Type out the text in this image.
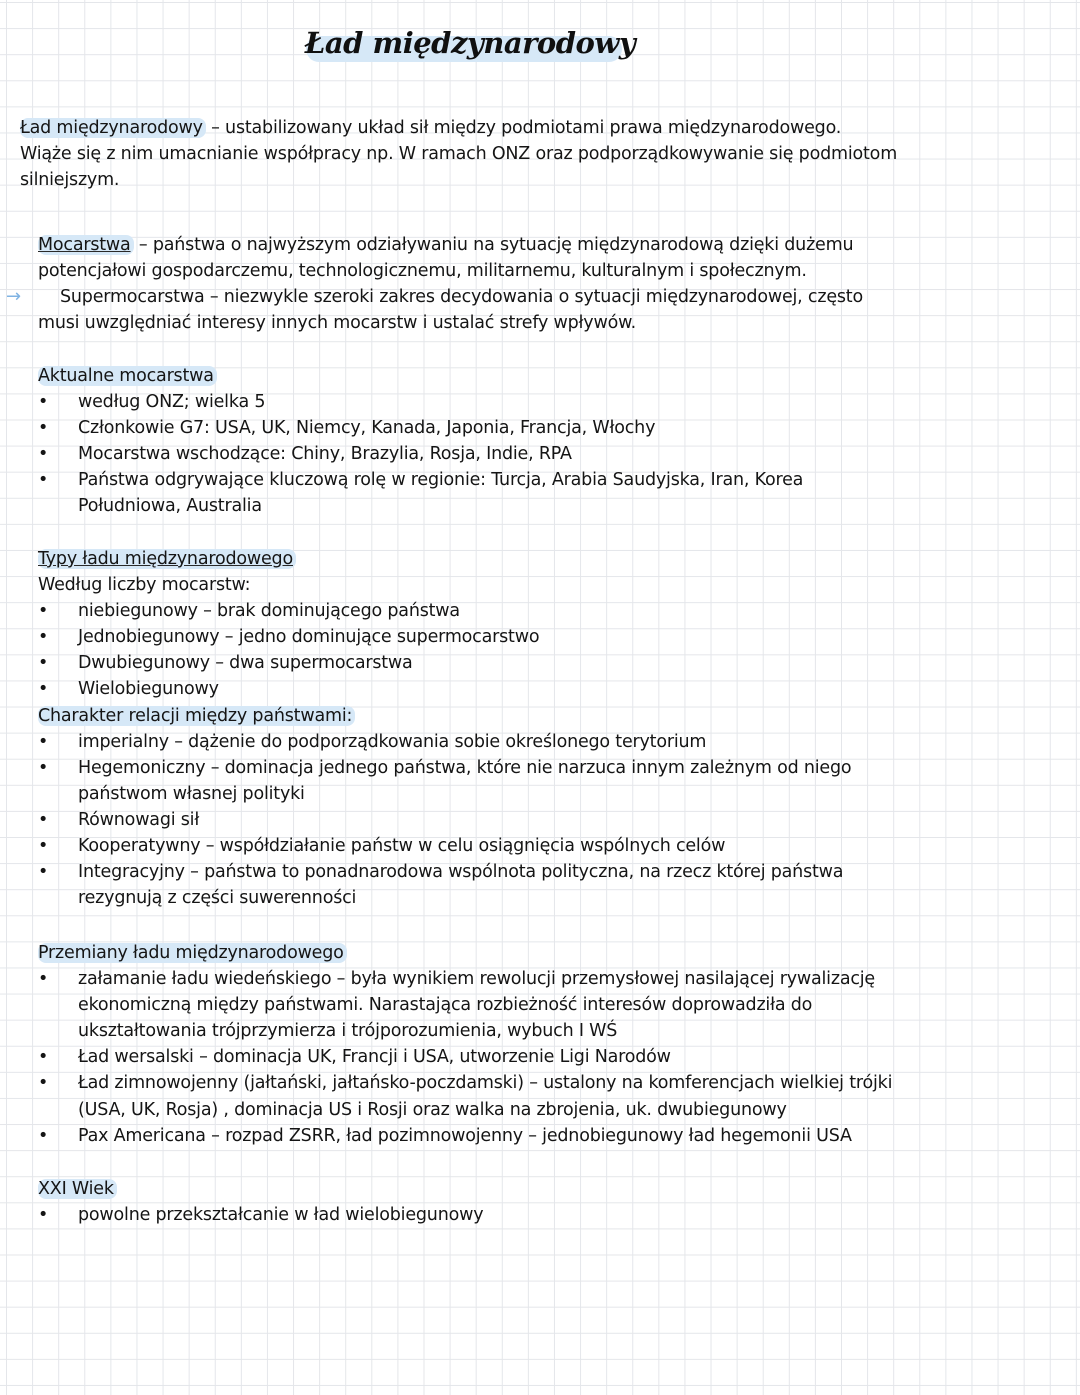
Ład międzynarodowy
Ład międzynarodowy – ustabilizowany układ sił między podmiotami prawa międzynarodowego.
Wiąże się z nim umacnianie współpracy np. W ramach ONZ oraz podporządkowywanie się podmiotom
silniejszym.
Mocarstwa – państwa o najwyższym odziaływaniu na sytuację międzynarodową dzięki dużemu
potencjałowi gospodarczemu, technologicznemu, militarnemu, kulturalnym i społecznym.
→ Supermocarstwa – niezwykle szeroki zakres decydowania o sytuacji międzynarodowej, często
musi uwzględniać interesy innych mocarstw i ustalać strefy wpływów.
Aktualne mocarstwa
• według ONZ; wielka 5
• Członkowie G7: USA, UK, Niemcy, Kanada, Japonia, Francja, Włochy
• Mocarstwa wschodzące: Chiny, Brazylia, Rosja, Indie, RPA
• Państwa odgrywające kluczową rolę w regionie: Turcja, Arabia Saudyjska, Iran, Korea
Południowa, Australia
Typy ładu międzynarodowego
Według liczby mocarstw:
• niebiegunowy – brak dominującego państwa
• Jednobiegunowy – jedno dominujące supermocarstwo
• Dwubiegunowy – dwa supermocarstwa
• Wielobiegunowy
Charakter relacji między państwami:
• imperialny – dążenie do podporządkowania sobie określonego terytorium
• Hegemoniczny – dominacja jednego państwa, które nie narzuca innym zależnym od niego
państwom własnej polityki
• Równowagi sił
• Kooperatywny – współdziałanie państw w celu osiągnięcia wspólnych celów
• Integracyjny – państwa to ponadnarodowa wspólnota polityczna, na rzecz której państwa
rezygnują z części suwerenności
Przemiany ładu międzynarodowego
• załamanie ładu wiedeńskiego – była wynikiem rewolucji przemysłowej nasilającej rywalizację
ekonomiczną między państwami. Narastająca rozbieżność interesów doprowadziła do
ukształtowania trójprzymierza i trójporozumienia, wybuch I WŚ
• Ład wersalski – dominacja UK, Francji i USA, utworzenie Ligi Narodów
• Ład zimnowojenny (jałtański, jałtańsko-poczdamski) – ustalony na komferencjach wielkiej trójki
(USA, UK, Rosja) , dominacja US i Rosji oraz walka na zbrojenia, uk. dwubiegunowy
• Pax Americana – rozpad ZSRR, ład pozimnowojenny – jednobiegunowy ład hegemonii USA
XXI Wiek
• powolne przekształcanie w ład wielobiegunowy
